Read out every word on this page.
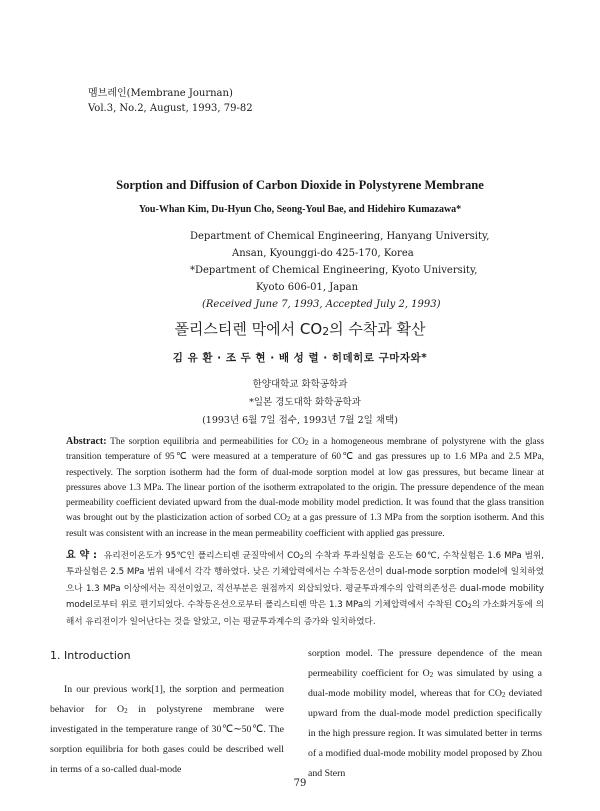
멤브레인(Membrane Journan)
Vol.3, No.2, August, 1993, 79-82
Sorption and Diffusion of Carbon Dioxide in Polystyrene Membrane
You-Whan Kim, Du-Hyun Cho, Seong-Youl Bae, and Hidehiro Kumazawa*
Department of Chemical Engineering, Hanyang University,
Ansan, Kyounggi-do 425-170, Korea
*Department of Chemical Engineering, Kyoto University,
Kyoto 606-01, Japan
(Received June 7, 1993, Accepted July 2, 1993)
폴리스티렌 막에서 $CO_2$의 수착과 확산
김 유 환 · 조 두 현 · 배 성 렬 · 히데히로 구마자와*
한양대학교 화학공학과
*일본 경도대학 화학공학과
(1993년 6월 7일 접수, 1993년 7월 2일 채택)
Abstract: The sorption equilibria and permeabilities for $CO_2$ in a homogeneous membrane of polystyrene with the glass transition temperature of 95℃ were measured at a temperature of 60℃ and gas pressures up to 1.6 MPa and 2.5 MPa, respectively. The sorption isotherm had the form of dual-mode sorption model at low gas pressures, but became linear at pressures above 1.3 MPa. The linear portion of the isotherm extrapolated to the origin. The pressure dependence of the mean permeability coefficient deviated upward from the dual-mode mobility model prediction. It was found that the glass transition was brought out by the plasticization action of sorbed $CO_2$ at a gas pressure of 1.3 MPa from the sorption isotherm. And this result was consistent with an increase in the mean permeability coefficient with applied gas pressure.
요 약 : 유리전이온도가 95℃인 폴리스티렌 균질막에서 $CO_2$의 수착과 투과실험을 온도는 60℃, 수착실험은 1.6 MPa 범위, 투과실험은 2.5 MPa 범위 내에서 각각 행하였다. 낮은 기체압력에서는 수착등온선이 dual-mode sorption model에 일치하였으나 1.3 MPa 이상에서는 직선이었고, 직선부분은 원점까지 외삽되었다. 평균투과계수의 압력의존성은 dual-mode mobility model로부터 위로 편기되었다. 수착등온선으로부터 폴리스티렌 막은 1.3 MPa의 기체압력에서 수착된 $CO_2$의 가소화거동에 의해서 유리전이가 일어난다는 것을 알았고, 이는 평균투과계수의 증가와 일치하였다.
1. Introduction
In our previous work[1], the sorption and permeation behavior for $O_2$ in polystyrene membrane were investigated in the temperature range of 30℃∼50℃. The sorption equilibria for both gases could be described well in terms of a so-called dual-mode
sorption model. The pressure dependence of the mean permeability coefficient for $O_2$ was simulated by using a dual-mode mobility model, whereas that for $CO_2$ deviated upward from the dual-mode model prediction specifically in the high pressure region. It was simulated better in terms of a modified dual-mode mobility model proposed by Zhou and Stern
79
